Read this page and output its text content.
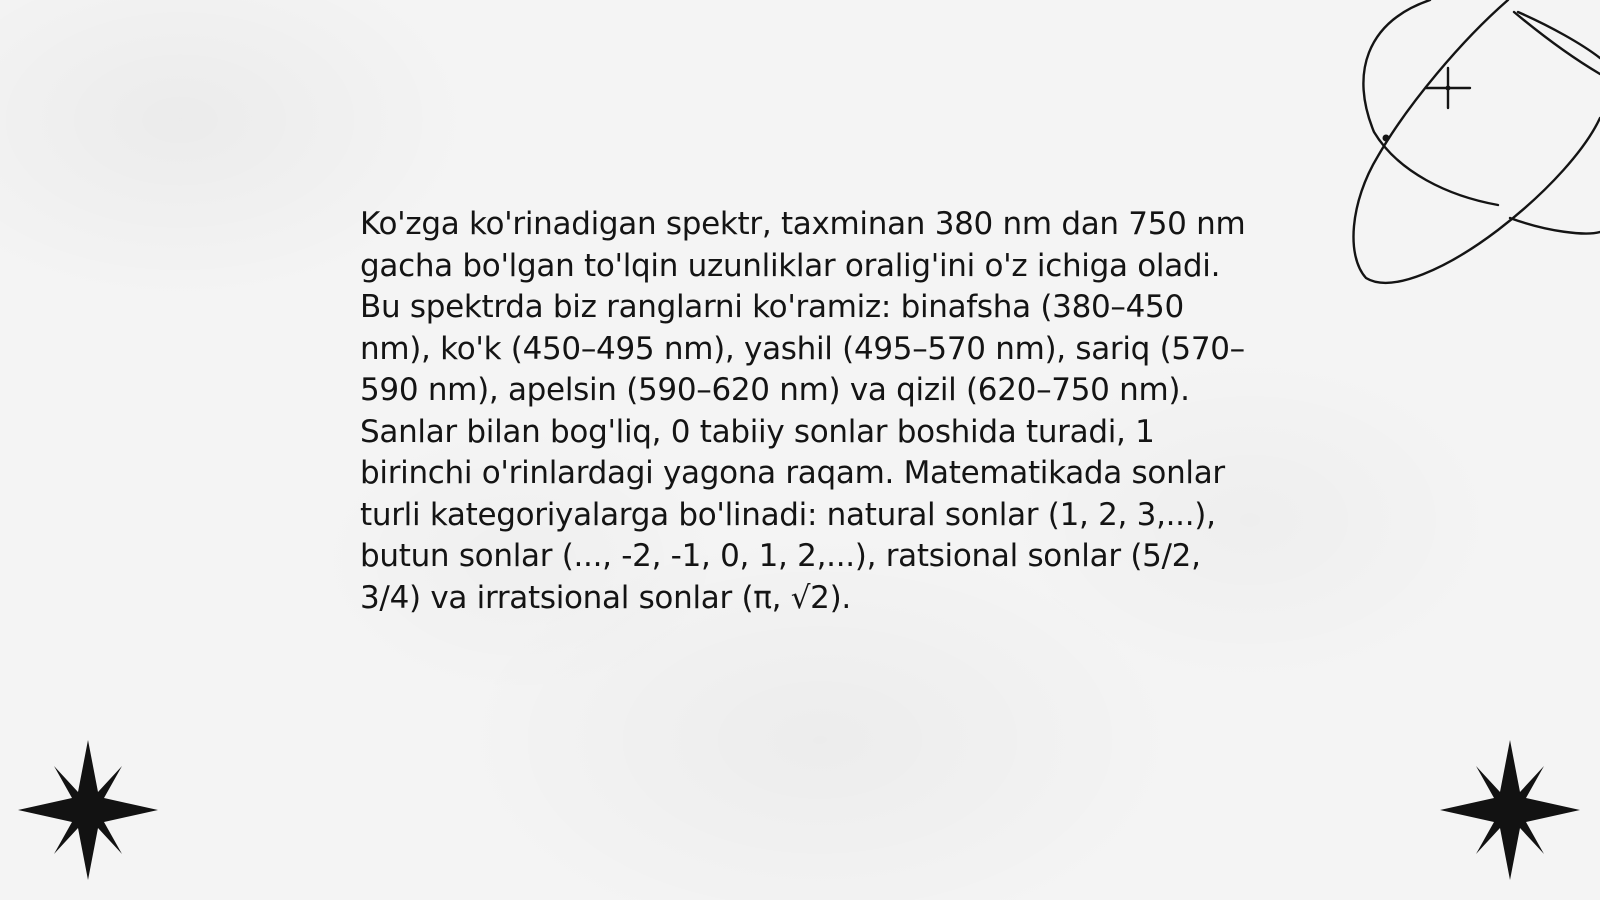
Ko'zga ko'rinadigan spektr, taxminan 380 nm dan 750 nm gacha bo'lgan to'lqin uzunliklar oralig'ini o'z ichiga oladi. Bu spektrda biz ranglarni ko'ramiz: binafsha (380–450 nm), ko'k (450–495 nm), yashil (495–570 nm), sariq (570–590 nm), apelsin (590–620 nm) va qizil (620–750 nm). Sanlar bilan bog'liq, 0 tabiiy sonlar boshida turadi, 1 birinchi o'rinlardagi yagona raqam. Matematikada sonlar turli kategoriyalarga bo'linadi: natural sonlar (1, 2, 3,...), butun sonlar (..., -2, -1, 0, 1, 2,...), ratsional sonlar (5/2, 3/4) va irratsional sonlar (π, √2).
